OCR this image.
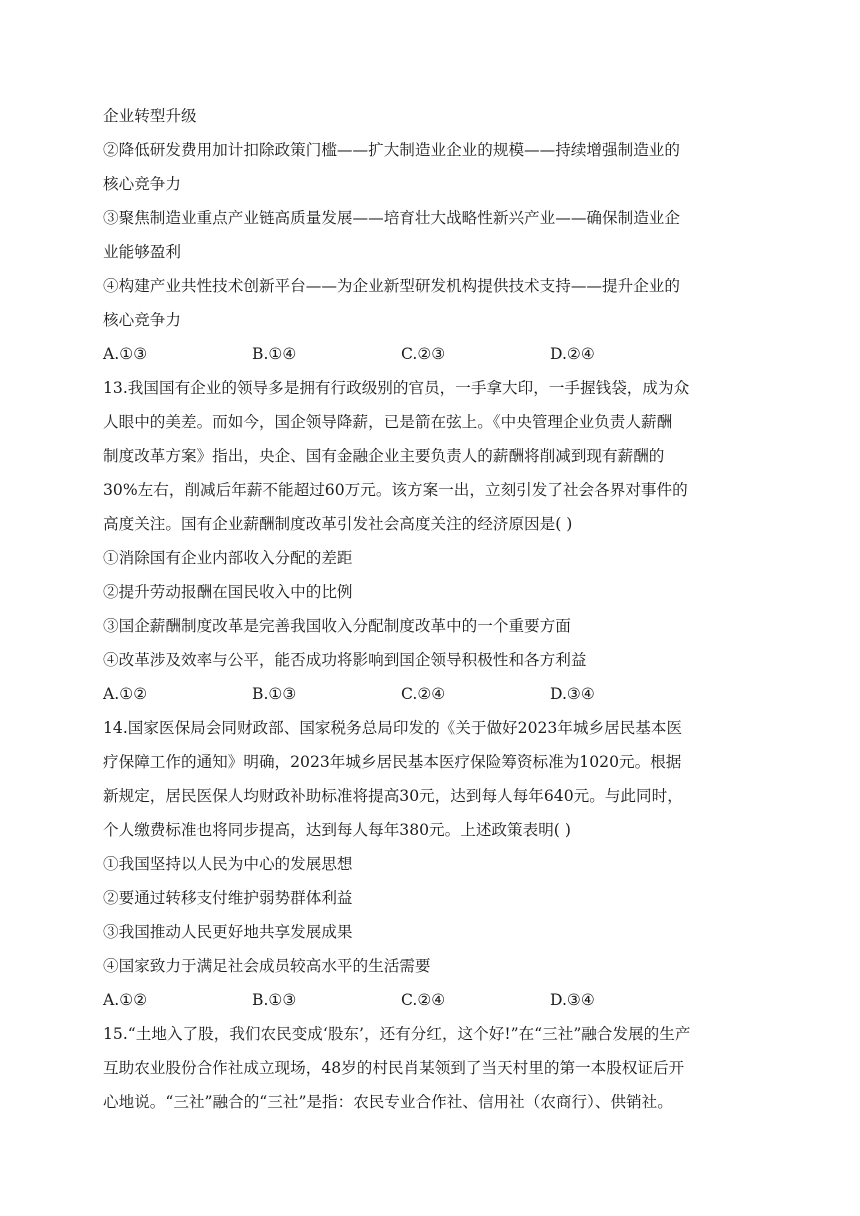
企业转型升级
②降低研发费用加计扣除政策门槛——扩大制造业企业的规模——持续增强制造业的
核心竞争力
③聚焦制造业重点产业链高质量发展——培育壮大战略性新兴产业——确保制造业企
业能够盈利
④构建产业共性技术创新平台——为企业新型研发机构提供技术支持——提升企业的
核心竞争力
A.①③	B.①④	C.②③	D.②④
13.我国国有企业的领导多是拥有行政级别的官员，一手拿大印，一手握钱袋，成为众
人眼中的美差。而如今，国企领导降薪，已是箭在弦上。《中央管理企业负责人薪酬
制度改革方案》指出，央企、国有金融企业主要负责人的薪酬将削减到现有薪酬的
30%左右，削减后年薪不能超过60万元。该方案一出，立刻引发了社会各界对事件的
高度关注。国有企业薪酬制度改革引发社会高度关注的经济原因是( )
①消除国有企业内部收入分配的差距
②提升劳动报酬在国民收入中的比例
③国企薪酬制度改革是完善我国收入分配制度改革中的一个重要方面
④改革涉及效率与公平，能否成功将影响到国企领导积极性和各方利益
A.①②	B.①③	C.②④	D.③④
14.国家医保局会同财政部、国家税务总局印发的《关于做好2023年城乡居民基本医
疗保障工作的通知》明确，2023年城乡居民基本医疗保险筹资标准为1020元。根据
新规定，居民医保人均财政补助标准将提高30元，达到每人每年640元。与此同时，
个人缴费标准也将同步提高，达到每人每年380元。上述政策表明( )
①我国坚持以人民为中心的发展思想
②要通过转移支付维护弱势群体利益
③我国推动人民更好地共享发展成果
④国家致力于满足社会成员较高水平的生活需要
A.①②	B.①③	C.②④	D.③④
15.“土地入了股，我们农民变成‘股东’，还有分红，这个好!”在“三社”融合发展的生产
互助农业股份合作社成立现场，48岁的村民肖某领到了当天村里的第一本股权证后开
心地说。“三社”融合的“三社”是指：农民专业合作社、信用社（农商行）、供销社。
